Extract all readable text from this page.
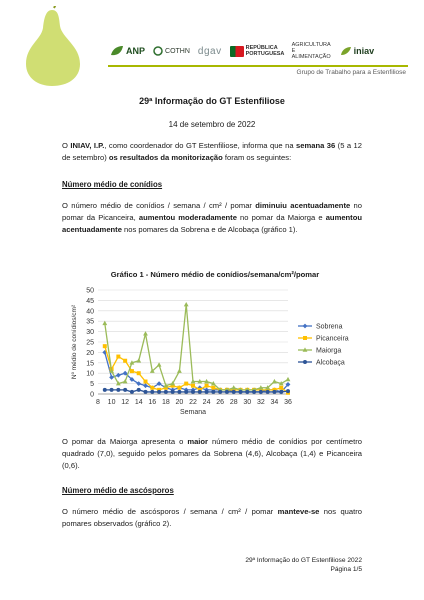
ANP	COTHN dgav	REPÚBLICA PORTUGUESA
AGRICULTURA E ALIMENTAÇÃO
iniav
Grupo de Trabalho para a Estenfiliose
29ª Informação do GT Estenfiliose
14 de setembro de 2022
O INIAV, I.P., como coordenador do GT Estenfiliose, informa que na semana 36 (5 a 12 de setembro) os resultados da monitorização foram os seguintes:
Número médio de conídios
O número médio de conídios / semana / cm² / pomar diminuiu acentuadamente no pomar da Picanceira, aumentou moderadamente no pomar da Maiorga e aumentou acentuadamente nos pomares da Sobrena e de Alcobaça (gráfico 1).
Gráfico 1 - Número médio de conídios/semana/cm²/pomar
0
5
10
15
20
25
30
35
40
45
50
8 10 12 14 16 18 20 22 24 26 28 30 32 34 36
Semana
Nº médio de conídios/cm²	Sobrena
Picanceira
Maiorga
Alcobaça
O pomar da Maiorga apresenta o maior número médio de conídios por centímetro quadrado (7,0), seguido pelos pomares da Sobrena (4,6), Alcobaça (1,4) e Picanceira (0,6).
Número médio de ascósporos
O número médio de ascósporos / semana / cm² / pomar manteve-se nos quatro pomares observados (gráfico 2).
29ª Informação do GT Estenfiliose 2022
Página 1/5
